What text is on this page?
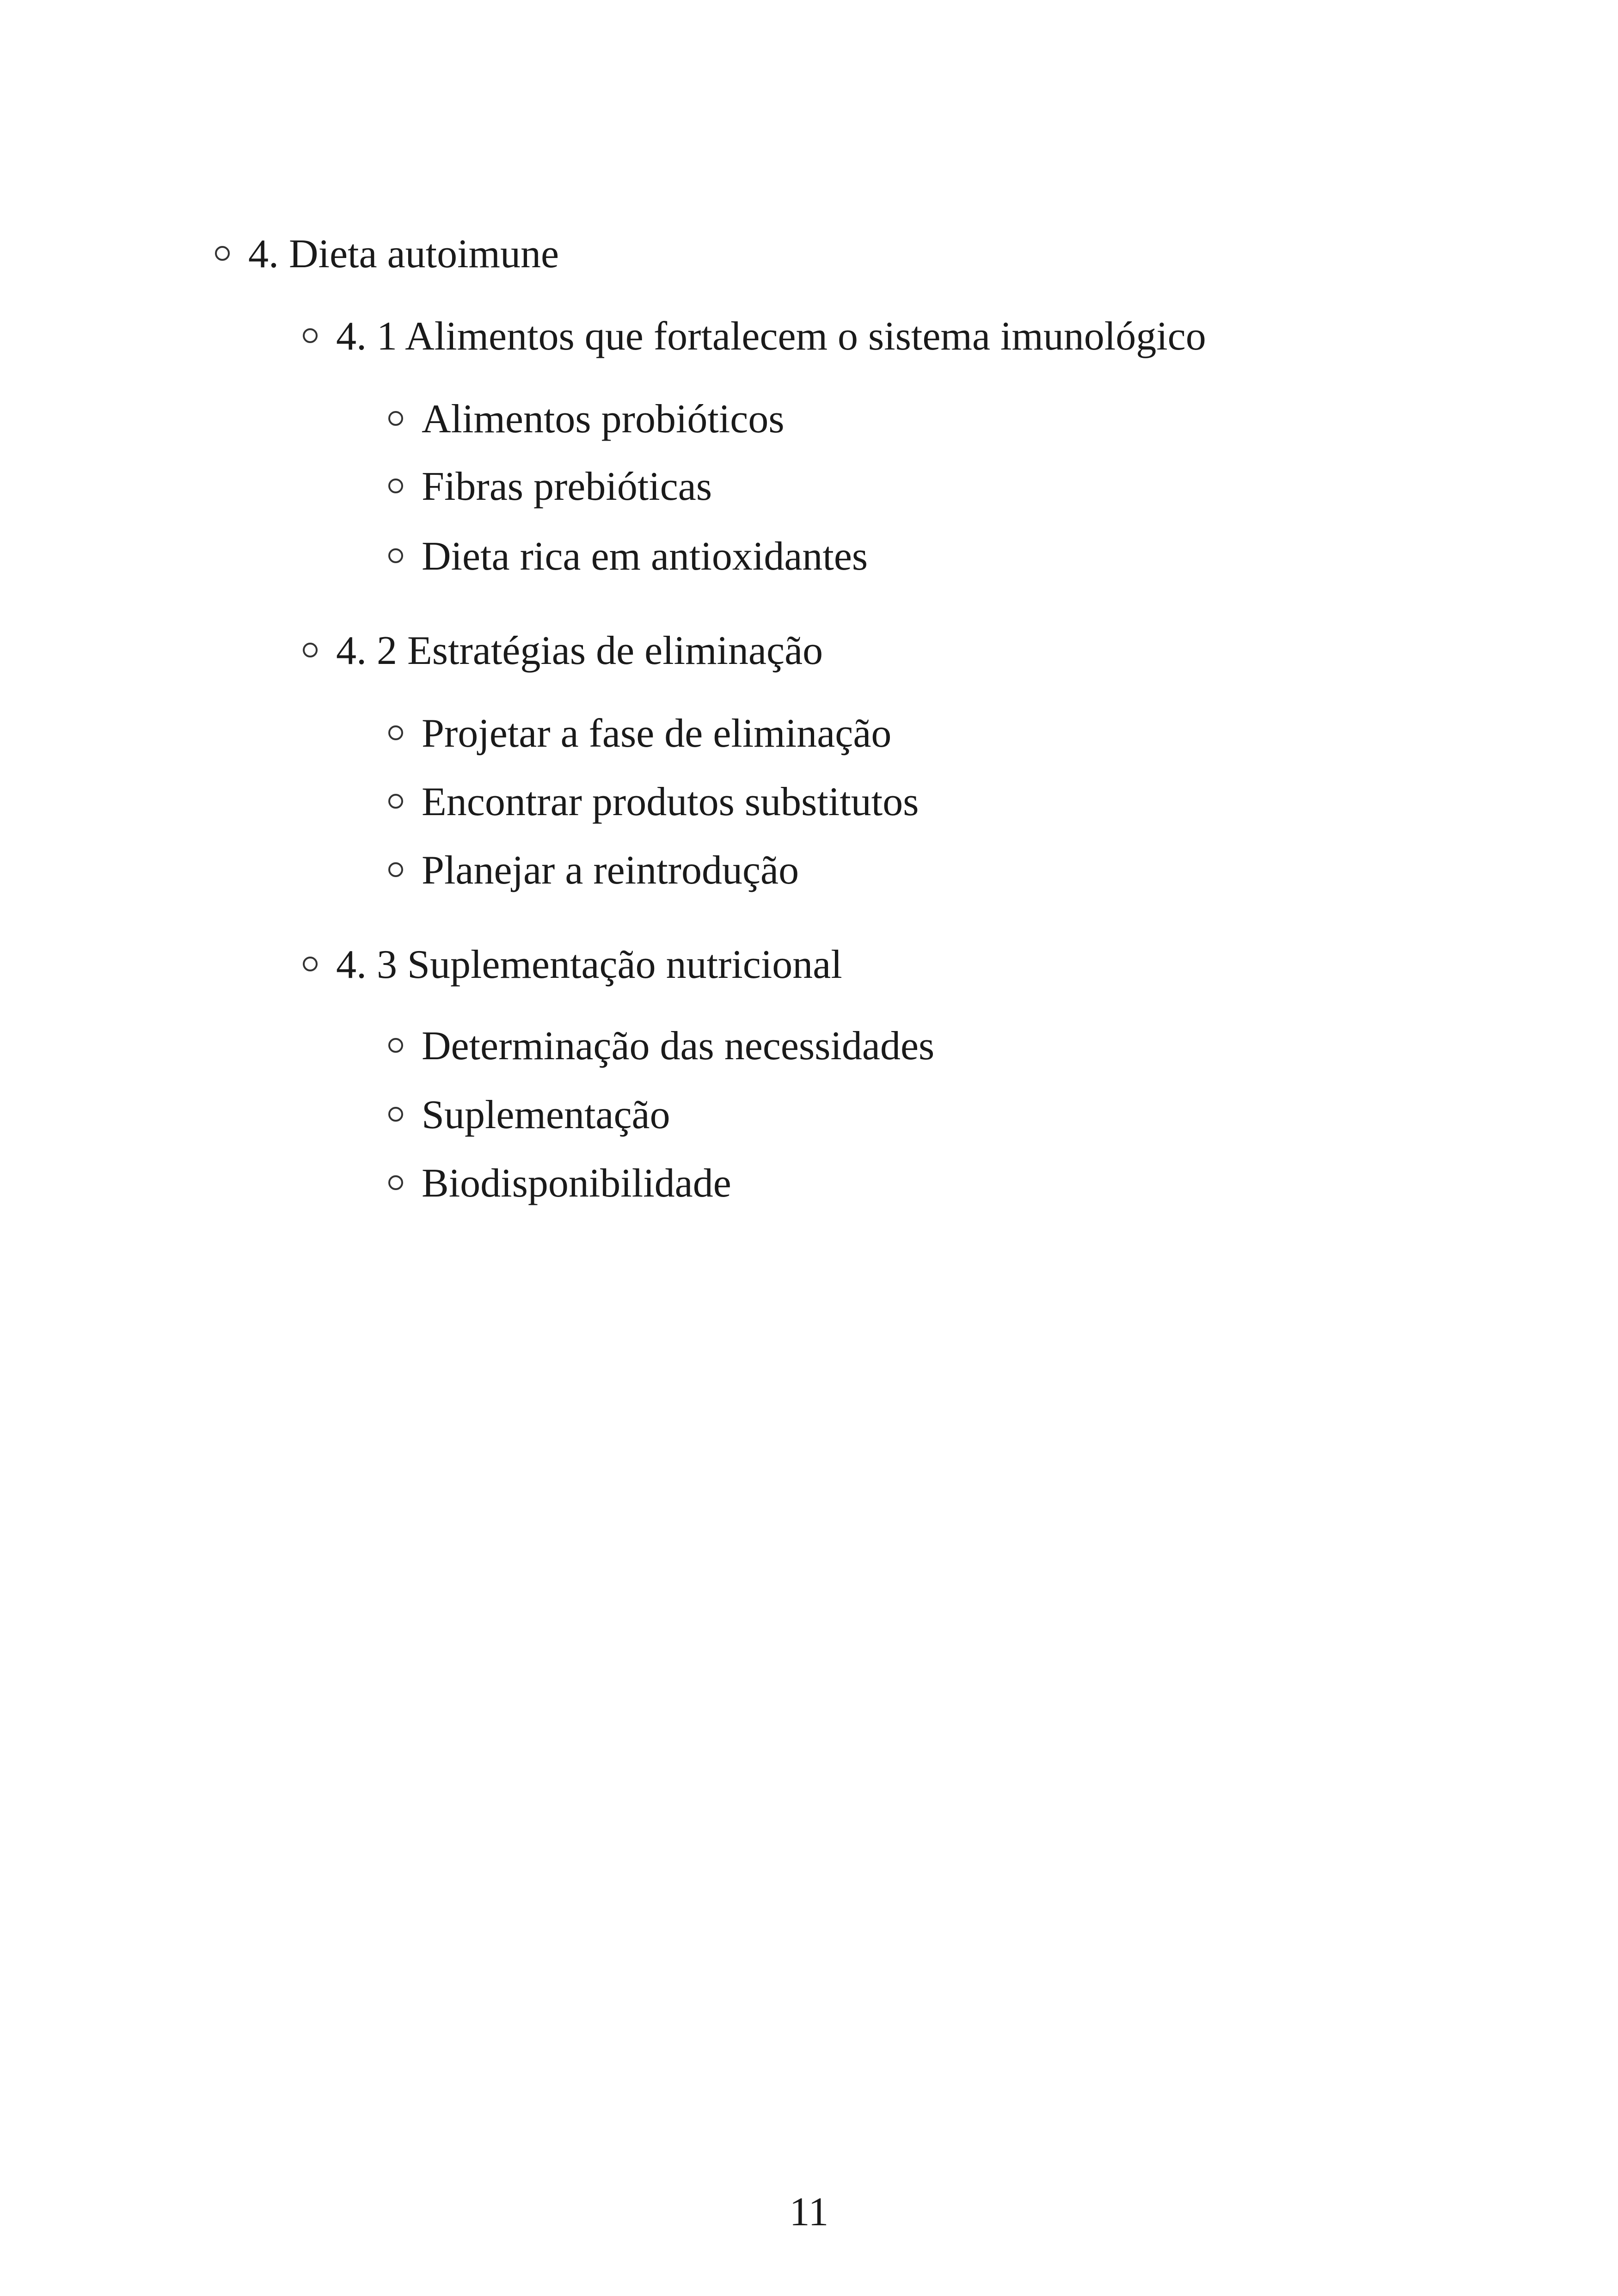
4. Dieta autoimune
4. 1 Alimentos que fortalecem o sistema imunológico
Alimentos probióticos
Fibras prebióticas
Dieta rica em antioxidantes
4. 2 Estratégias de eliminação
Projetar a fase de eliminação
Encontrar produtos substitutos
Planejar a reintrodução
4. 3 Suplementação nutricional
Determinação das necessidades
Suplementação
Biodisponibilidade
11
